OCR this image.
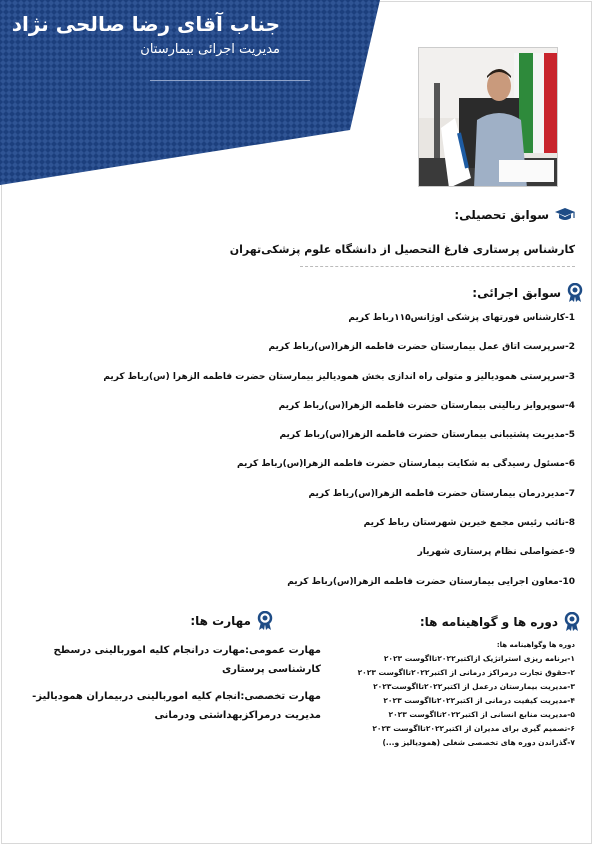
جناب آقای رضا صالحی نژاد
مدیریت اجرائی بیمارستان
سوابق تحصیلی:
کارشناس پرستاری فارغ التحصیل از دانشگاه علوم پزشکی‌تهران
سوابق اجرائی:
1-کارشناس فورتهای پزشکی اوژانس۱۱۵رباط کریم
2-سرپرست اتاق عمل بیمارستان حضرت فاطمه الزهرا(س)رباط کریم
3-سرپرستی همودیالیز و متولی راه اندازی بخش همودیالیز بیمارستان حضرت فاطمه الزهرا (س)رباط کریم
4-سوپروایز ربالینی بیمارستان حضرت فاطمه الزهرا(س)رباط کریم
5-مدیریت پشتیبانی بیمارستان حضرت فاطمه الزهرا(س)رباط کریم
6-مسئول رسیدگی به شکایت بیمارستان حضرت فاطمه الزهرا(س)رباط کریم
7-مدیردرمان بیمارستان حضرت فاطمه الزهرا(س)رباط کریم
8-نائب رئیس مجمع خیرین شهرستان رباط کریم
9-عضواصلی نظام پرستاری شهریار
10-معاون اجرایی بیمارستان حضرت فاطمه الزهرا(س)رباط کریم
دوره ها و گواهینامه ها:
دوره ها وگواهینامه ها:
۱-برنامه ریزی استراتژیک ازاکتبر۲۰۲۲تااگوست ۲۰۲۳
۲-حقوق تجارت درمراکز درمانی از اکتبر۲۰۲۲تااگوست ۲۰۲۳
۳-مدیریت بیمارستان درعمل از اکتبر۲۰۲۲تااگوست۲۰۲۳
۴-مدیریت کیفیت درمانی از اکتبر۲۰۲۲تااگوست ۲۰۲۳
۵-مدیریت منابع انسانی از اکتبر۲۰۲۲تااگوست ۲۰۲۳
۶-تصمیم گیری برای مدیران از اکتبر۲۰۲۲تااگوست ۲۰۲۳
۷-گذراندن دوره های تخصصی شغلی (همودیالیز و...)
مهارت ها:
مهارت عمومی:مهارت درانجام کلیه اموربالینی درسطح کارشناسی پرستاری
مهارت تخصصی:انجام کلیه اموربالینی دربیماران همودیالیز- مدیریت درمراکزبهداشتی ودرمانی
